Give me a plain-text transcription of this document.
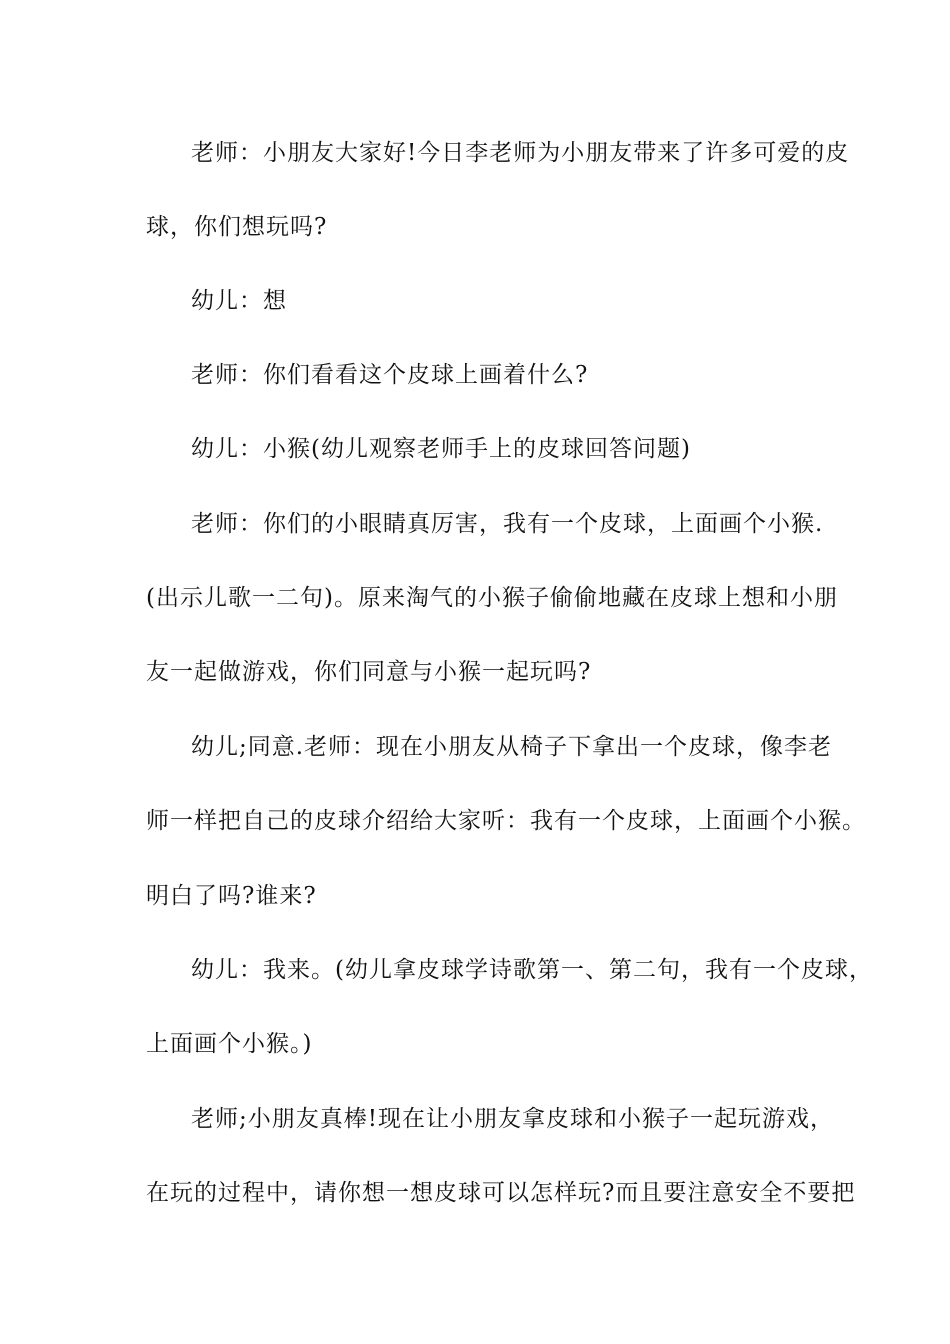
老师：小朋友大家好!今日李老师为小朋友带来了许多可爱的皮
球，你们想玩吗?
幼儿：想
老师：你们看看这个皮球上画着什么?
幼儿：小猴(幼儿观察老师手上的皮球回答问题)
老师：你们的小眼睛真厉害，我有一个皮球，上面画个小猴.
(出示儿歌一二句)。原来淘气的小猴子偷偷地藏在皮球上想和小朋
友一起做游戏，你们同意与小猴一起玩吗?
幼儿;同意.老师：现在小朋友从椅子下拿出一个皮球，像李老
师一样把自己的皮球介绍给大家听：我有一个皮球，上面画个小猴。
明白了吗?谁来?
幼儿：我来。(幼儿拿皮球学诗歌第一、第二句，我有一个皮球，
上面画个小猴。)
老师;小朋友真棒!现在让小朋友拿皮球和小猴子一起玩游戏，
在玩的过程中，请你想一想皮球可以怎样玩?而且要注意安全不要把
